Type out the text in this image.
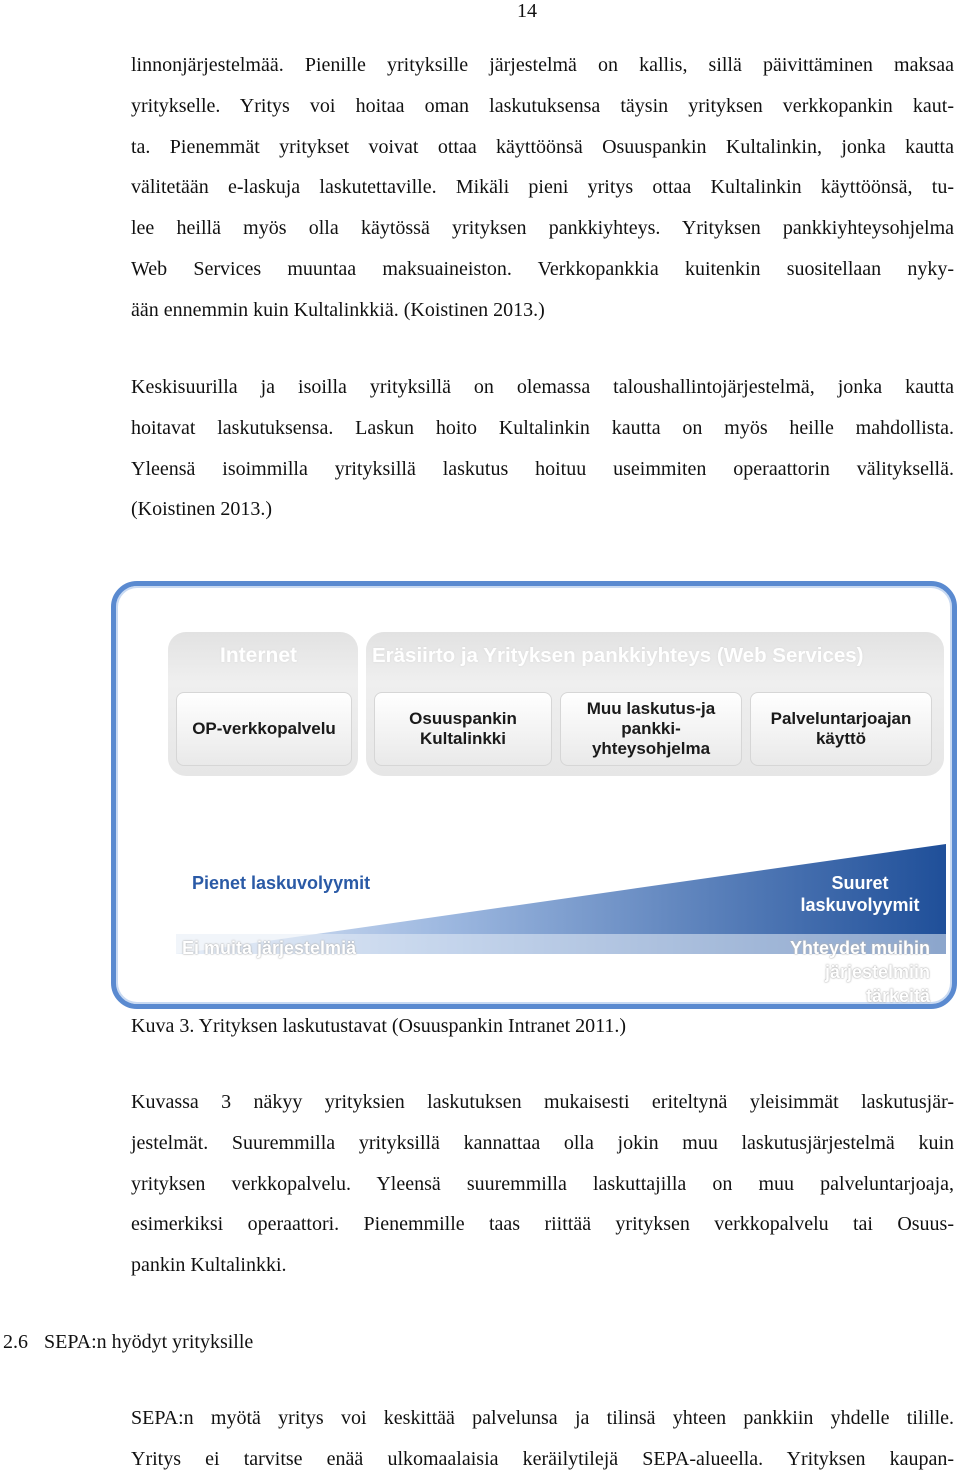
14
linnonjärjestelmää. Pienille yrityksille järjestelmä on kallis, sillä päivittäminen maksaa
yritykselle. Yritys voi hoitaa oman laskutuksensa täysin yrityksen verkkopankin kaut-
ta. Pienemmät yritykset voivat ottaa käyttöönsä Osuuspankin Kultalinkin, jonka kautta
välitetään e-laskuja laskutettaville. Mikäli pieni yritys ottaa Kultalinkin käyttöönsä, tu-
lee heillä myös olla käytössä yrityksen pankkiyhteys. Yrityksen pankkiyhteysohjelma
Web Services muuntaa maksuaineiston. Verkkopankkia kuitenkin suositellaan nyky-
ään ennemmin kuin Kultalinkkiä. (Koistinen 2013.)
Keskisuurilla ja isoilla yrityksillä on olemassa taloushallintojärjestelmä, jonka kautta
hoitavat laskutuksensa. Laskun hoito Kultalinkin kautta on myös heille mahdollista.
Yleensä isoimmilla yrityksillä laskutus hoituu useimmiten operaattorin välityksellä.
(Koistinen 2013.)
Internet
OP-verkkopalvelu
Eräsiirto ja Yrityksen pankkiyhteys (Web Services)
Osuuspankin
Kultalinkki
Muu laskutus-ja
pankki-
yhteysohjelma
Palveluntarjoajan
käyttö
Pienet laskuvolyymit	Suuret
laskuvolyymit
Ei muita järjestelmiä	Yhteydet muihin
järjestelmiin
tärkeitä
Kuva 3. Yrityksen laskutustavat (Osuuspankin Intranet 2011.)
Kuvassa 3 näkyy yrityksien laskutuksen mukaisesti eriteltynä yleisimmät laskutusjär-
jestelmät. Suuremmilla yrityksillä kannattaa olla jokin muu laskutusjärjestelmä kuin
yrityksen verkkopalvelu. Yleensä suuremmilla laskuttajilla on muu palveluntarjoaja,
esimerkiksi operaattori. Pienemmille taas riittää yrityksen verkkopalvelu tai Osuus-
pankin Kultalinkki.
2.6 SEPA:n hyödyt yrityksille
SEPA:n myötä yritys voi keskittää palvelunsa ja tilinsä yhteen pankkiin yhdelle tilille.
Yritys ei tarvitse enää ulkomaalaisia keräilytilejä SEPA-alueella. Yrityksen kaupan-
